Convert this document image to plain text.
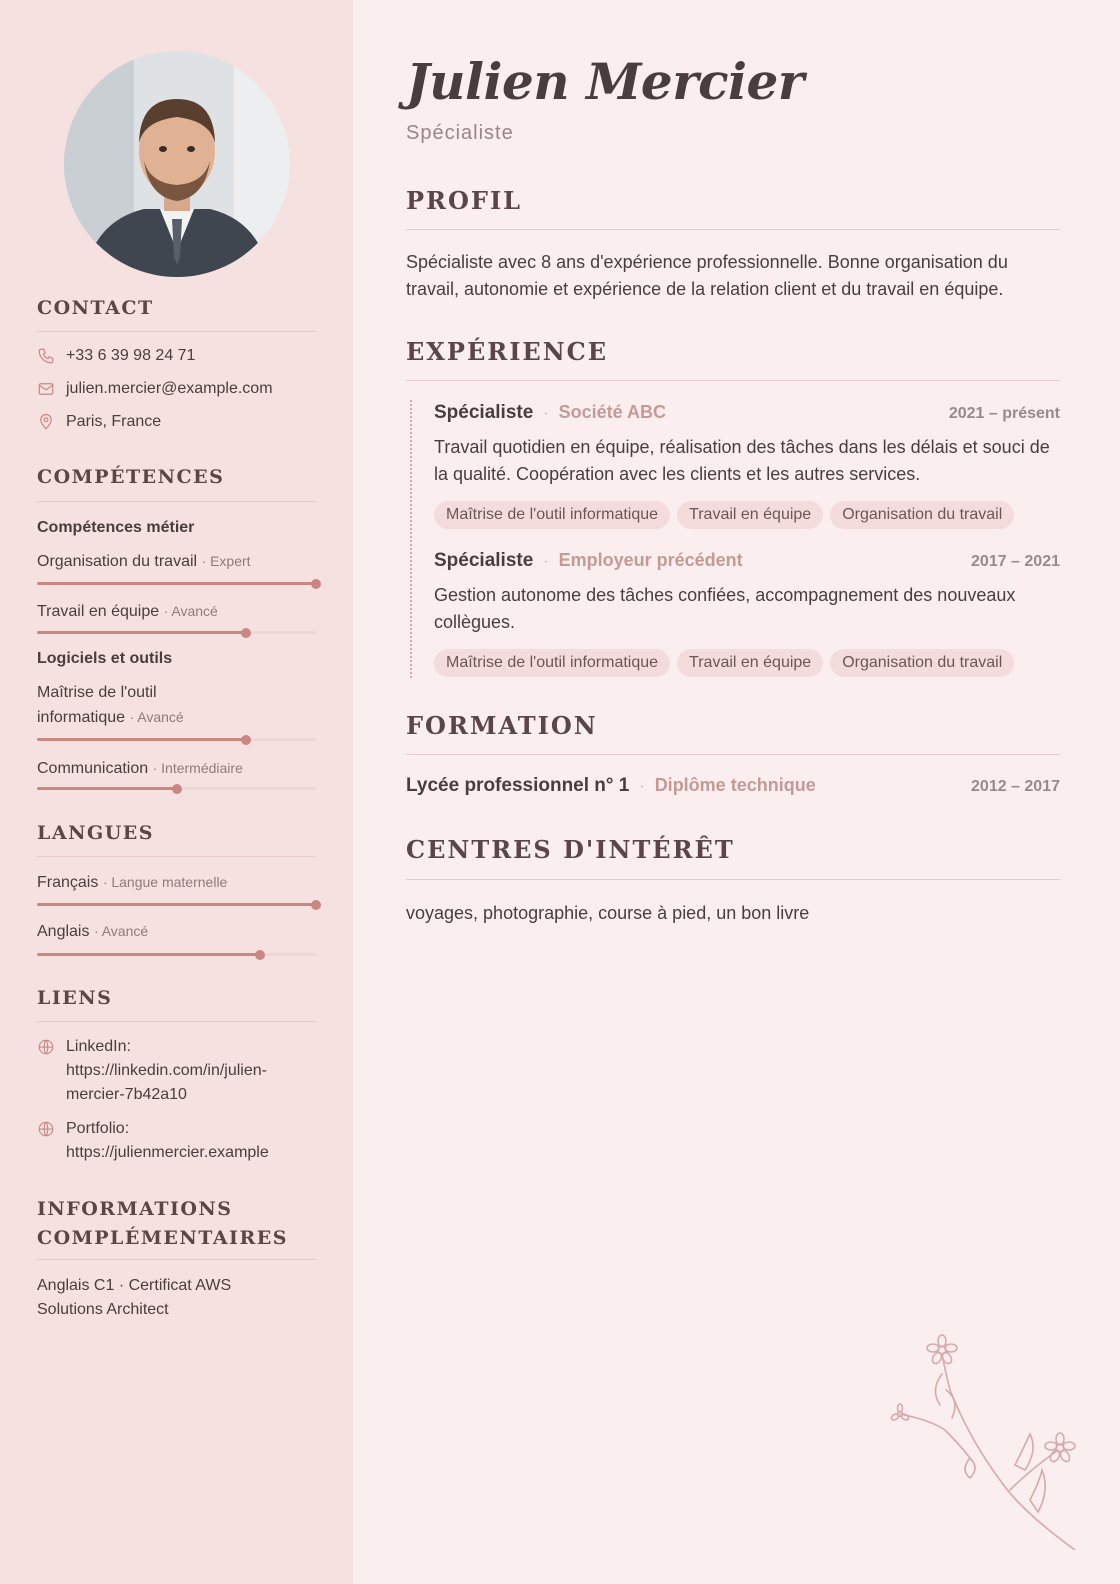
CONTACT
+33 6 39 98 24 71
julien.mercier@example.com
Paris, France
COMPÉTENCES
Compétences métier
Organisation du travail · Expert
Travail en équipe · Avancé
Logiciels et outils
Maîtrise de l'outil informatique · Avancé
Communication · Intermédiaire
LANGUES
Français · Langue maternelle
Anglais · Avancé
LIENS
LinkedIn: https://linkedin.com/in/julien-mercier-7b42a10
Portfolio: https://julienmercier.example
INFORMATIONS COMPLÉMENTAIRES
Anglais C1 · Certificat AWS Solutions Architect
Julien Mercier
Spécialiste
PROFIL
Spécialiste avec 8 ans d'expérience professionnelle. Bonne organisation du travail, autonomie et expérience de la relation client et du travail en équipe.
EXPÉRIENCE
Spécialiste · Société ABC	2021 – présent
Travail quotidien en équipe, réalisation des tâches dans les délais et souci de la qualité. Coopération avec les clients et les autres services.
Maîtrise de l'outil informatique	Travail en équipe	Organisation du travail
Spécialiste · Employeur précédent	2017 – 2021
Gestion autonome des tâches confiées, accompagnement des nouveaux collègues.
Maîtrise de l'outil informatique	Travail en équipe	Organisation du travail
FORMATION
Lycée professionnel n° 1 · Diplôme technique	2012 – 2017
CENTRES D'INTÉRÊT
voyages, photographie, course à pied, un bon livre
